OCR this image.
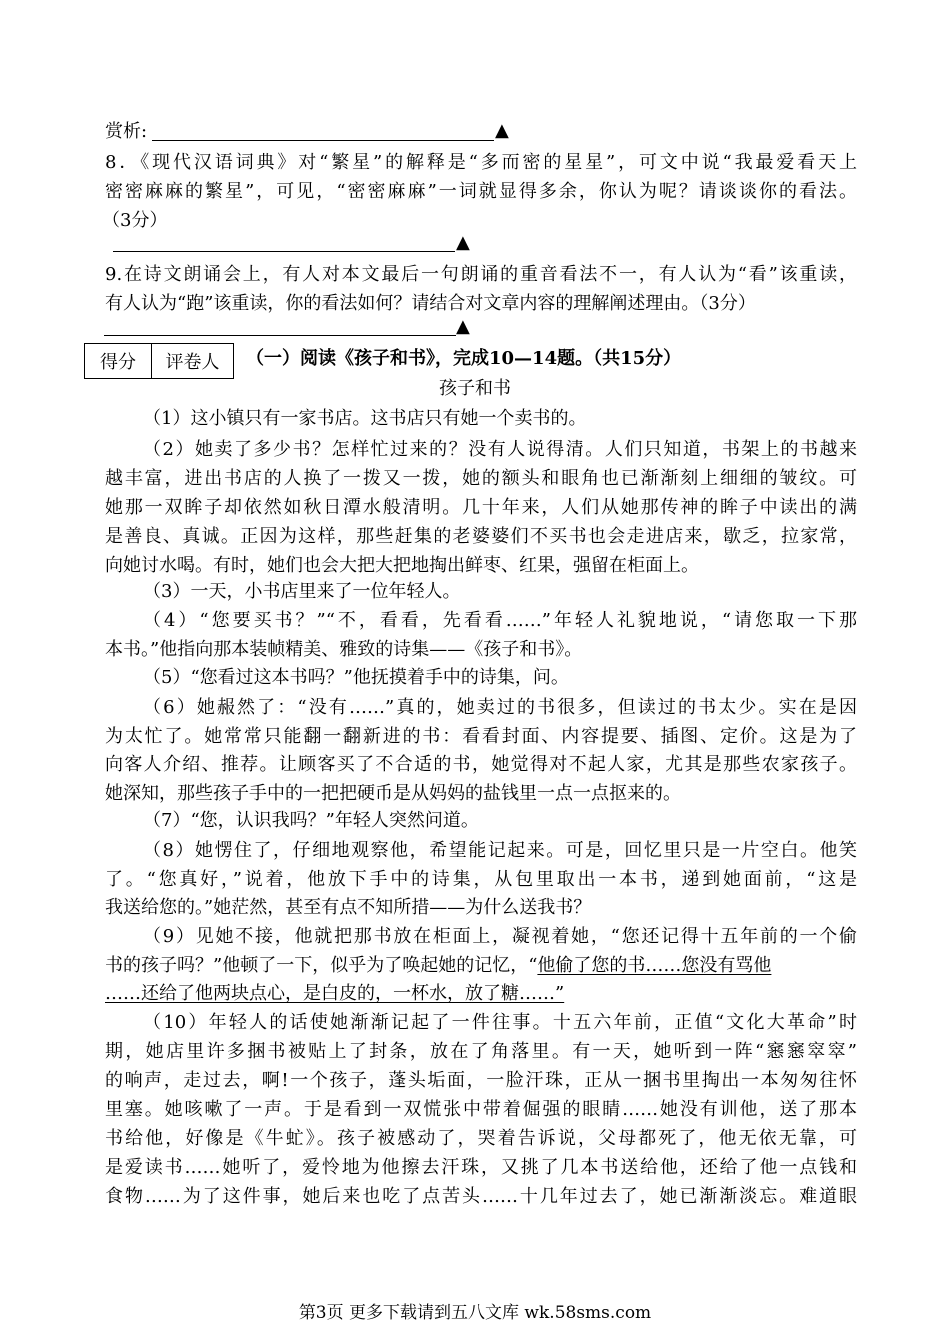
赏析:	▲
8．《现代汉语词典》对“繁星”的解释是“多而密的星星”，可文中说“我最爱看天上
密密麻麻的繁星”，可见，“密密麻麻”一词就显得多余，你认为呢？请谈谈你的看法。
（3分）
▲
9.在诗文朗诵会上，有人对本文最后一句朗诵的重音看法不一，有人认为“看”该重读，
有人认为“跑”该重读，你的看法如何？请结合对文章内容的理解阐述理由。（3分）
▲
得分	评卷人	（一）阅读《孩子和书》，完成10—14题。（共15分）
孩子和书
（1）这小镇只有一家书店。这书店只有她一个卖书的。
（2）她卖了多少书？怎样忙过来的？没有人说得清。人们只知道，书架上的书越来
越丰富，进出书店的人换了一拨又一拨，她的额头和眼角也已渐渐刻上细细的皱纹。可
她那一双眸子却依然如秋日潭水般清明。几十年来，人们从她那传神的眸子中读出的满
是善良、真诚。正因为这样，那些赶集的老婆婆们不买书也会走进店来，歇乏，拉家常，
向她讨水喝。有时，她们也会大把大把地掏出鲜枣、红果，强留在柜面上。
（3）一天，小书店里来了一位年轻人。
（4）“您要买书？”“不，看看，先看看……”年轻人礼貌地说，“请您取一下那
本书。”他指向那本装帧精美、雅致的诗集——《孩子和书》。
（5）“您看过这本书吗？”他抚摸着手中的诗集，问。
（6）她赧然了：“没有……”真的，她卖过的书很多，但读过的书太少。实在是因
为太忙了。她常常只能翻一翻新进的书：看看封面、内容提要、插图、定价。这是为了
向客人介绍、推荐。让顾客买了不合适的书，她觉得对不起人家，尤其是那些农家孩子。
她深知，那些孩子手中的一把把硬币是从妈妈的盐钱里一点一点抠来的。
（7）“您，认识我吗？”年轻人突然问道。
（8）她愣住了，仔细地观察他，希望能记起来。可是，回忆里只是一片空白。他笑
了。“您真好，”说着，他放下手中的诗集，从包里取出一本书，递到她面前，“这是
我送给您的。”她茫然，甚至有点不知所措——为什么送我书？
（9）见她不接，他就把那书放在柜面上，凝视着她，“您还记得十五年前的一个偷
书的孩子吗？”他顿了一下，似乎为了唤起她的记忆，“他偷了您的书……您没有骂他
……还给了他两块点心，是白皮的，一杯水，放了糖……”
（10）年轻人的话使她渐渐记起了一件往事。十五六年前，正值“文化大革命”时
期，她店里许多捆书被贴上了封条，放在了角落里。有一天，她听到一阵“窸窸窣窣”
的响声，走过去，啊!一个孩子，蓬头垢面，一脸汗珠，正从一捆书里掏出一本匆匆往怀
里塞。她咳嗽了一声。于是看到一双慌张中带着倔强的眼睛……她没有训他，送了那本
书给他，好像是《牛虻》。孩子被感动了，哭着告诉说，父母都死了，他无依无靠，可
是爱读书……她听了，爱怜地为他擦去汗珠，又挑了几本书送给他，还给了他一点钱和
食物……为了这件事，她后来也吃了点苦头……十几年过去了，她已渐渐淡忘。难道眼
第3页 更多下载请到五八文库 wk.58sms.com
